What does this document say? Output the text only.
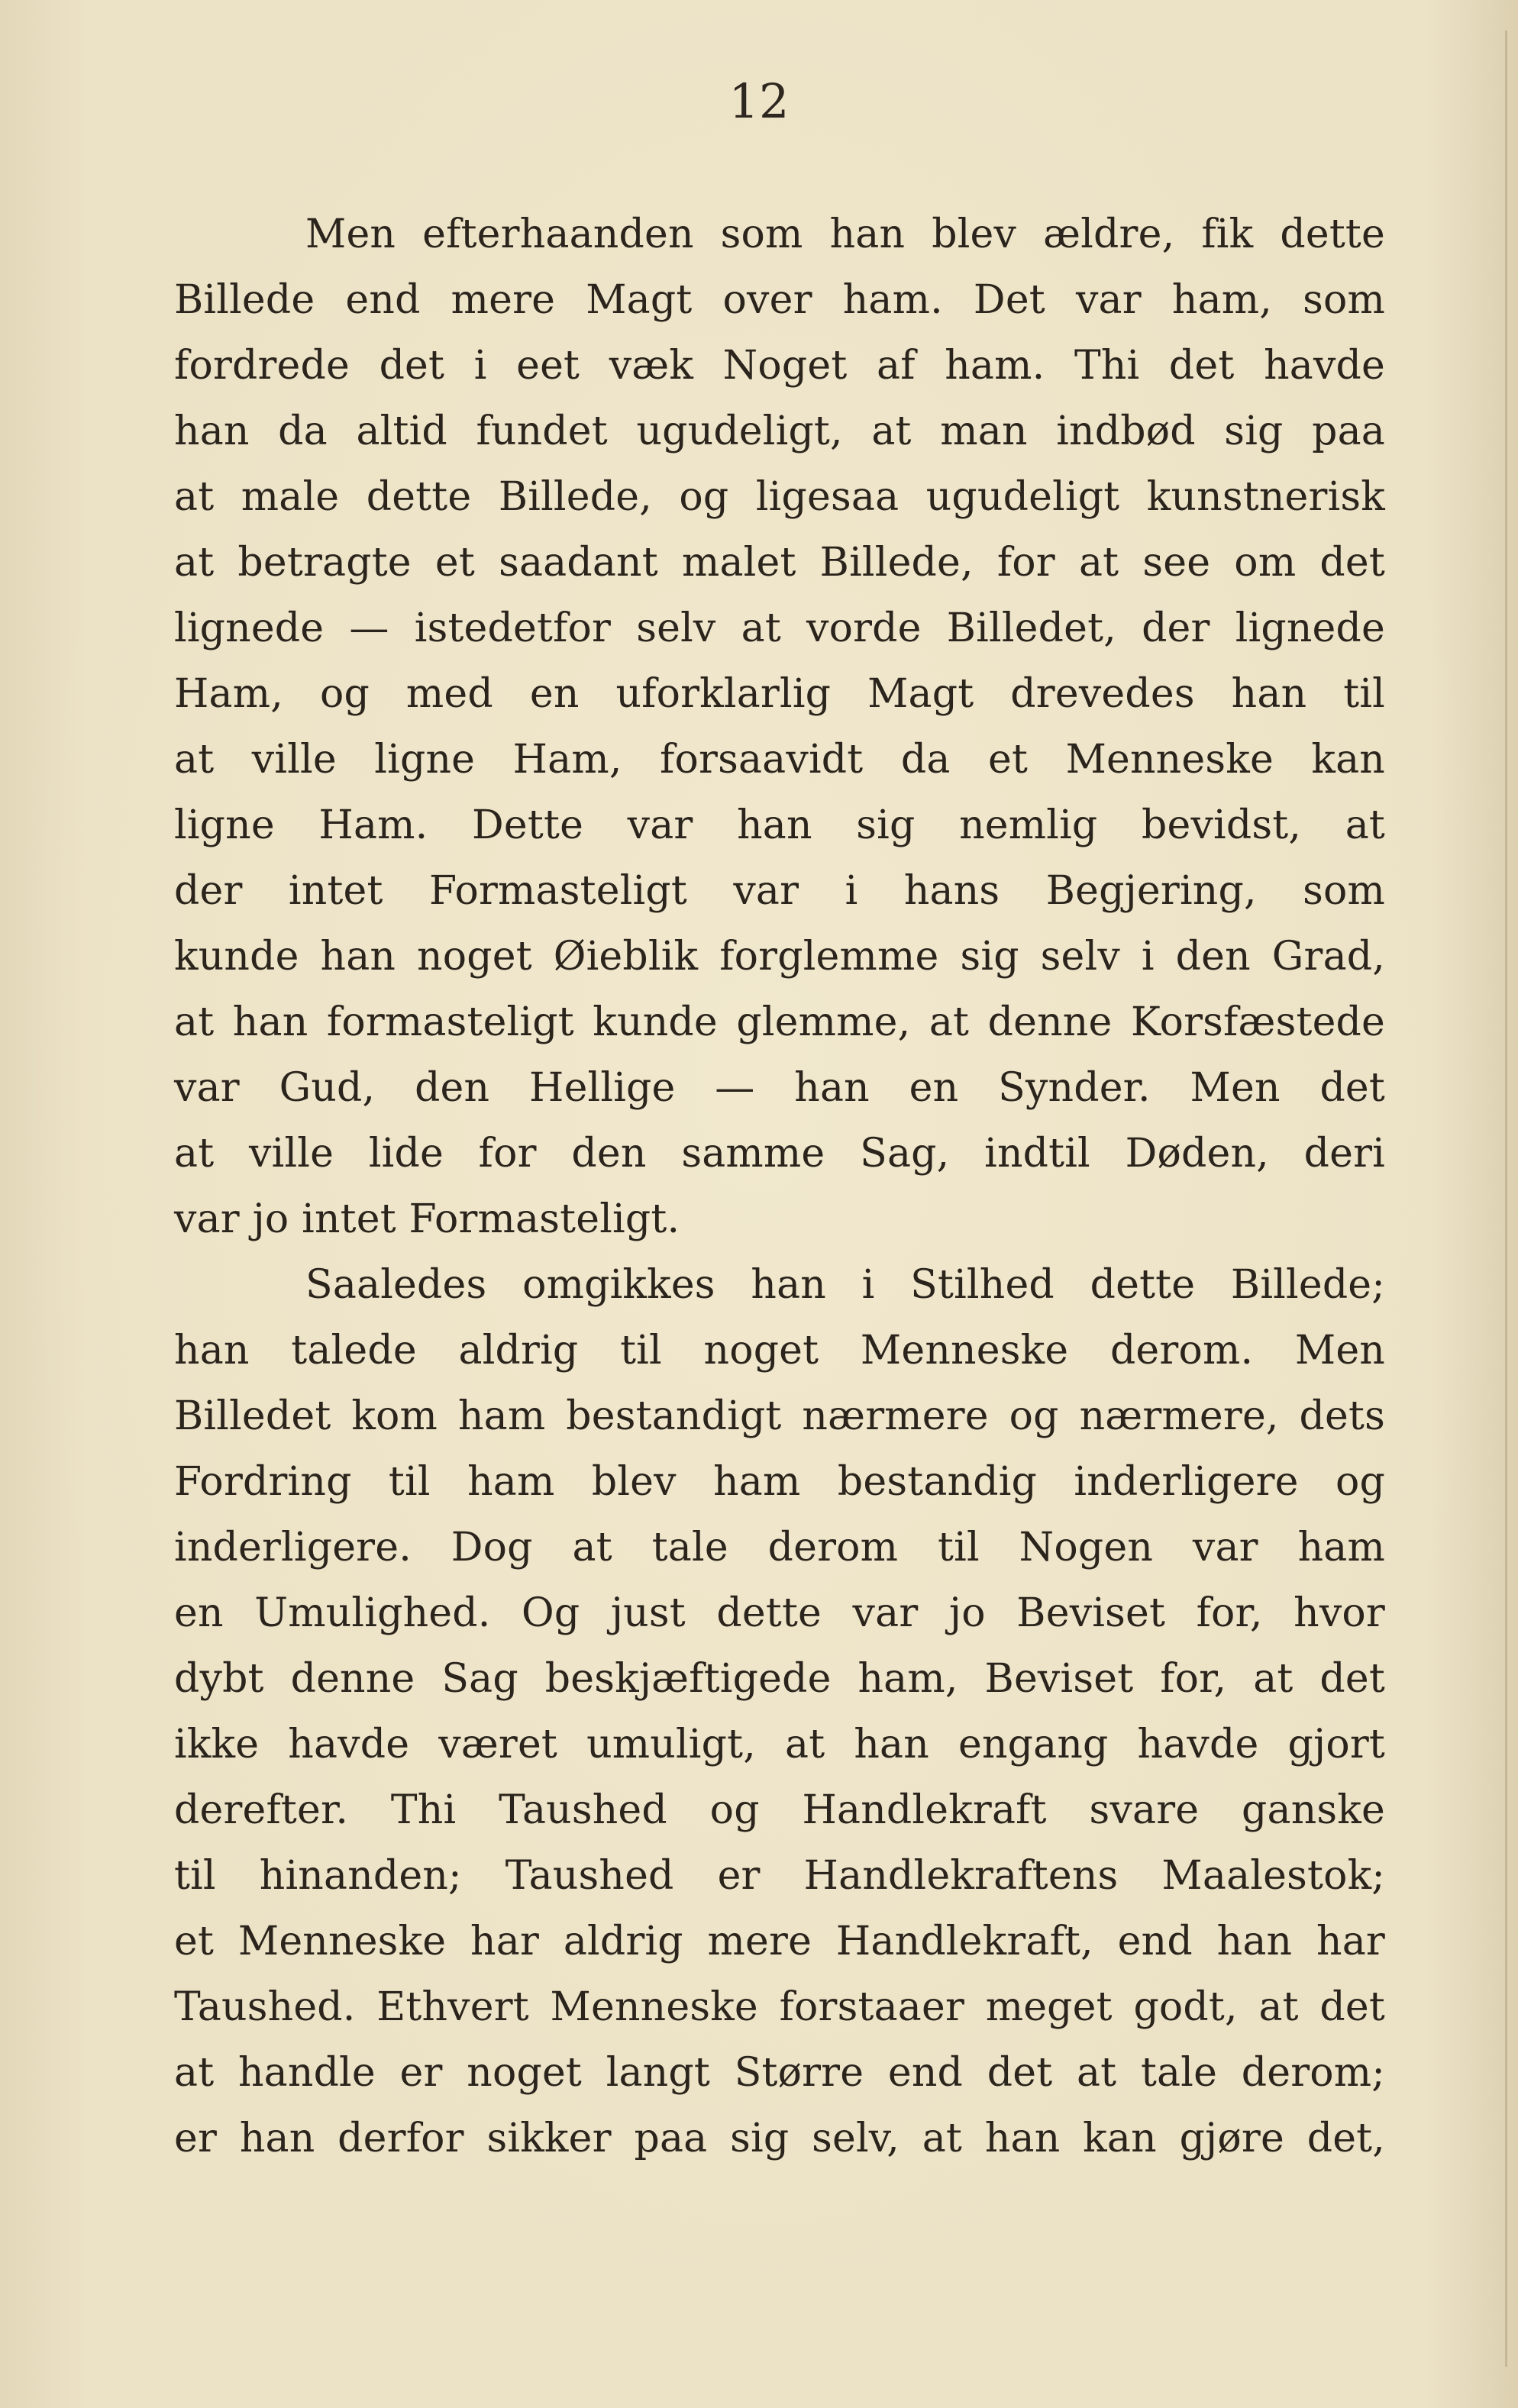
12
Men efterhaanden som han blev ældre, fik dette
Billede end mere Magt over ham. Det var ham, som
fordrede det i eet væk Noget af ham. Thi det havde
han da altid fundet ugudeligt, at man indbød sig paa
at male dette Billede, og ligesaa ugudeligt kunstnerisk
at betragte et saadant malet Billede, for at see om det
lignede — istedetfor selv at vorde Billedet, der lignede
Ham, og med en uforklarlig Magt drevedes han til
at ville ligne Ham, forsaavidt da et Menneske kan
ligne Ham. Dette var han sig nemlig bevidst, at
der intet Formasteligt var i hans Begjering, som
kunde han noget Øieblik forglemme sig selv i den Grad,
at han formasteligt kunde glemme, at denne Korsfæstede
var Gud, den Hellige — han en Synder. Men det
at ville lide for den samme Sag, indtil Døden, deri
var jo intet Formasteligt.
Saaledes omgikkes han i Stilhed dette Billede;
han talede aldrig til noget Menneske derom. Men
Billedet kom ham bestandigt nærmere og nærmere, dets
Fordring til ham blev ham bestandig inderligere og
inderligere. Dog at tale derom til Nogen var ham
en Umulighed. Og just dette var jo Beviset for, hvor
dybt denne Sag beskjæftigede ham, Beviset for, at det
ikke havde været umuligt, at han engang havde gjort
derefter. Thi Taushed og Handlekraft svare ganske
til hinanden; Taushed er Handlekraftens Maalestok;
et Menneske har aldrig mere Handlekraft, end han har
Taushed. Ethvert Menneske forstaaer meget godt, at det
at handle er noget langt Større end det at tale derom;
er han derfor sikker paa sig selv, at han kan gjøre det,
